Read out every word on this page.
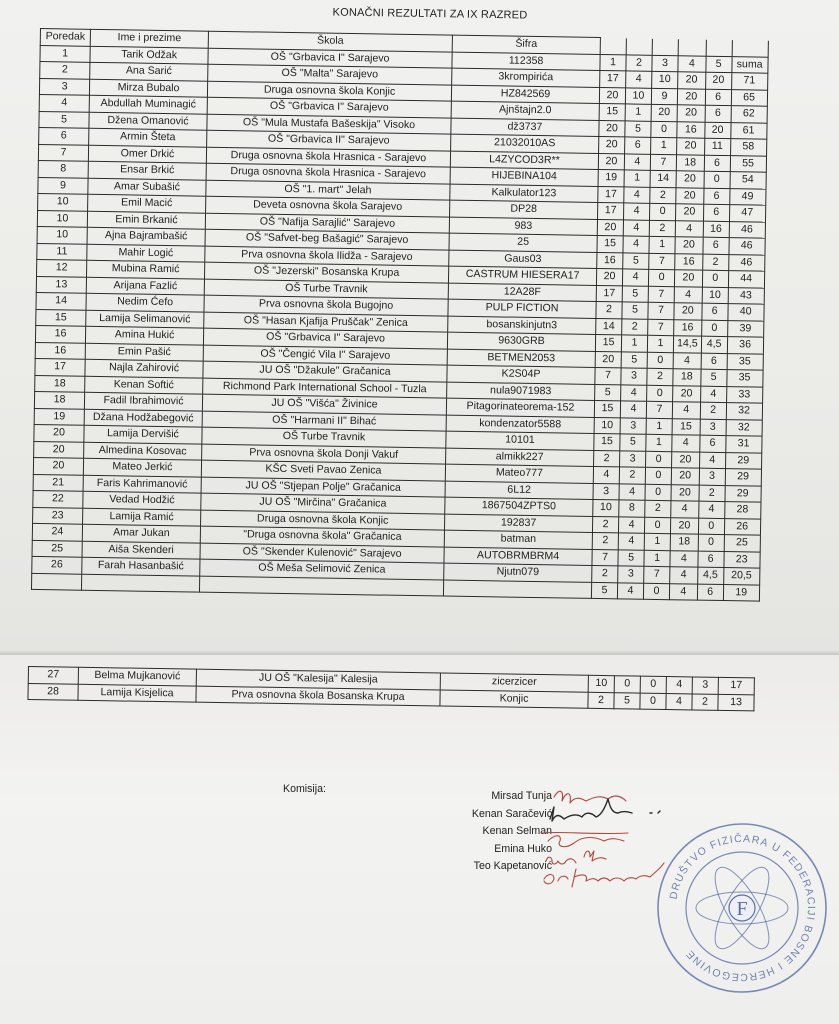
KONAČNI REZULTATI ZA IX RAZRED
Poredak	Ime i prezime	Škola	Šifra						
1	Tarik Odžak	OŠ "Grbavica I" Sarajevo	112358	1	2	3	4	5	suma
2	Ana Sarić	OŠ "Malta" Sarajevo	3krompirića	17	4	10	20	20	71
3	Mirza Bubalo	Druga osnovna škola Konjic	HZ842569	20	10	9	20	6	65
4	Abdullah Muminagić	OŠ "Grbavica I" Sarajevo	Ajnštajn2.0	15	1	20	20	6	62
5	Dženа Omanović	OŠ "Mula Mustafa Bašeskija" Visoko	dž3737	20	5	0	16	20	61
6	Armin Šteta	OŠ "Grbavica II" Sarajevo	21032010AS	20	6	1	20	11	58
7	Omer Drkić	Druga osnovna škola Hrasnica - Sarajevo	L4ZYCOD3R**	20	4	7	18	6	55
8	Ensar Brkić	Druga osnovna škola Hrasnica - Sarajevo	HIJEBINA104	19	1	14	20	0	54
9	Amar Subašić	OŠ "1. mart" Jelah	Kalkulator123	17	4	2	20	6	49
10	Emil Macić	Deveta osnovna škola Sarajevo	DP28	17	4	0	20	6	47
10	Emin Brkanić	OŠ "Nafija Sarajlić" Sarajevo	983	20	4	2	4	16	46
10	Ajna Bajrambašić	OŠ "Safvet-beg Bašagić" Sarajevo	25	15	4	1	20	6	46
11	Mahir Logić	Prva osnovna škola Ilidža - Sarajevo	Gaus03	16	5	7	16	2	46
12	Mubina Ramić	OŠ "Jezerski" Bosanska Krupa	CASTRUM HIESERA17	20	4	0	20	0	44
13	Arijana Fazlić	OŠ Turbe Travnik	12A28F	17	5	7	4	10	43
14	Nedim Ćefo	Prva osnovna škola Bugojno	PULP FICTION	2	5	7	20	6	40
15	Lamija Selimanović	OŠ "Hasan Kjafija Pruščak" Zenica	bosanskinjutn3	14	2	7	16	0	39
16	Amina Hukić	OŠ "Grbavica I" Sarajevo	9630GRB	15	1	1	14,5	4,5	36
16	Emin Pašić	OŠ "Čengić Vila I" Sarajevo	BETMEN2053	20	5	0	4	6	35
17	Najla Zahirović	JU OŠ "Džakule" Gračanica	K2S04P	7	3	2	18	5	35
18	Kenan Softić	Richmond Park International School - Tuzla	nula9071983	5	4	0	20	4	33
18	Fadil Ibrahimović	JU OŠ "Višća" Živinice	Pitagorinateorema-152	15	4	7	4	2	32
19	Džana Hodžabegović	OŠ "Harmani II" Bihać	kondenzator5588	10	3	1	15	3	32
20	Lamija Dervišić	OŠ Turbe Travnik	10101	15	5	1	4	6	31
20	Almedina Kosovac	Prva osnovna škola Donji Vakuf	almikk227	2	3	0	20	4	29
20	Mateo Jerkić	KŠC Sveti Pavao Zenica	Mateo777	4	2	0	20	3	29
21	Faris Kahrimanović	JU OŠ "Stjepan Polje" Gračanica	6L12	3	4	0	20	2	29
22	Vedad Hodžić	JU OŠ "Mirčina" Gračanica	1867504ZPTS0	10	8	2	4	4	28
23	Lamija Ramić	Druga osnovna škola Konjic	192837	2	4	0	20	0	26
24	Amar Jukan	"Druga osnovna škola" Gračanica	batman	2	4	1	18	0	25
25	Aiša Skenderi	OŠ "Skender Kulenović" Sarajevo	AUTOBRMBRM4	7	5	1	4	6	23
26	Farah Hasanbašić	OŠ Meša Selimović Zenica	Njutn079	2	3	7	4	4,5	20,5
				5	4	0	4	6	19
27	Belma Mujkanović	JU OŠ "Kalesija" Kalesija	zicerzicer	10	0	0	4	3	17
28	Lamija Kisjelica	Prva osnovna škola Bosanska Krupa	Konjic	2	5	0	4	2	13
Komisija:
Mirsad Tunja
Kenan Saračević
Kenan Selman
Emina Huko
Teo Kapetanović
DRUŠTVO FIZIČARA U FEDERACIJI BOSNE I HERCEGOVINE
F
